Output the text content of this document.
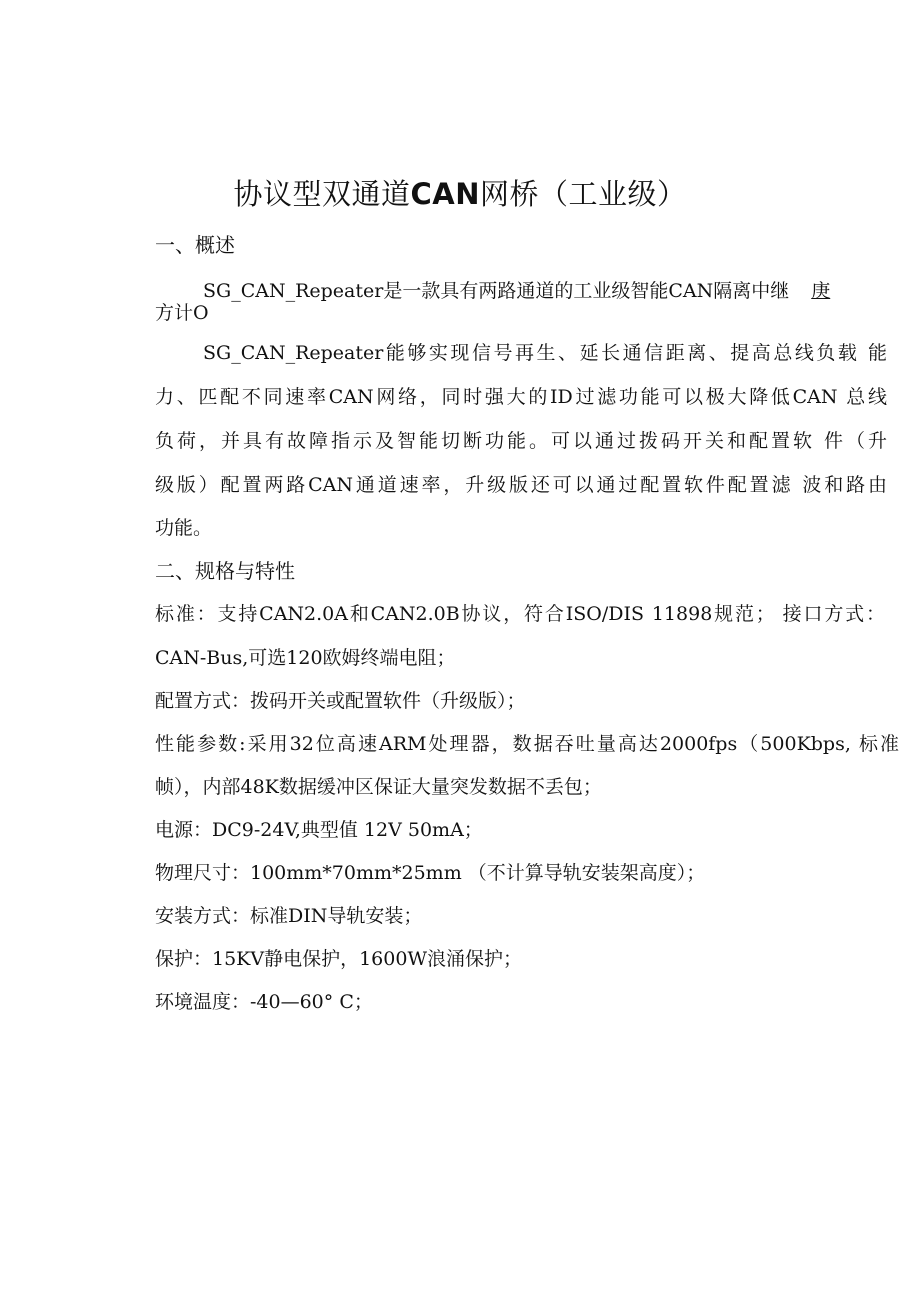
协议型双通道CAN网桥（工业级）
一、概述
SG_CAN_Repeater是一款具有两路通道的工业级智能CAN隔离中继 庚
方计O
SG_CAN_Repeater能够实现信号再生、延长通信距离、提高总线负载 能
力、匹配不同速率CAN网络，同时强大的ID过滤功能可以极大降低CAN 总线
负荷，并具有故障指示及智能切断功能。可以通过拨码开关和配置软 件（升
级版）配置两路CAN通道速率，升级版还可以通过配置软件配置滤 波和路由
功能。
二、规格与特性
标准：支持CAN2.0A和CAN2.0B协议，符合ISO/DIS 11898规范； 接口方式：
CAN-Bus,可选120欧姆终端电阻；
配置方式：拨码开关或配置软件（升级版）；
性能参数:采用32位高速ARM处理器，数据吞吐量高达2000fps（500Kbps, 标准
帧），内部48K数据缓冲区保证大量突发数据不丢包；
电源：DC9-24V,典型值 12V 50mA；
物理尺寸：100mm*70mm*25mm （不计算导轨安装架高度）；
安装方式：标准DIN导轨安装；
保护：15KV静电保护，1600W浪涌保护；
环境温度：-40—60° C；
